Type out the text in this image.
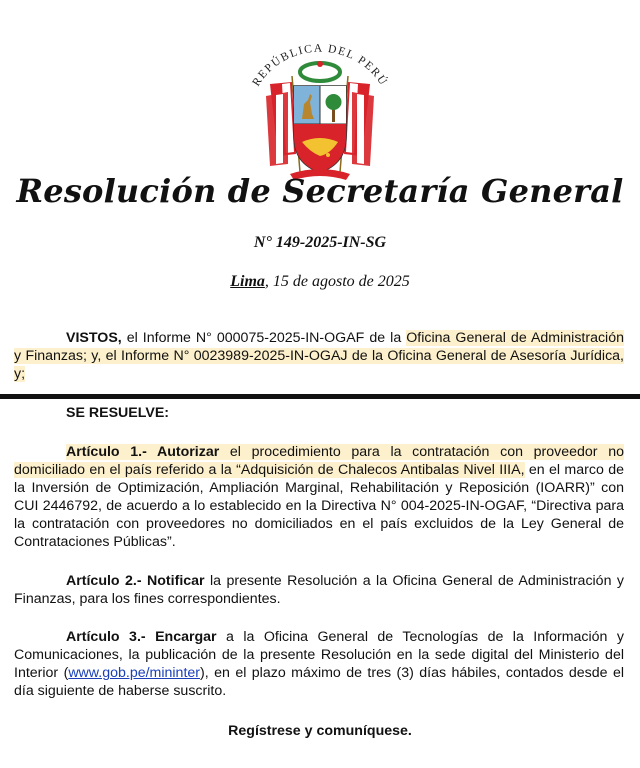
REPÚBLICA DEL PERÚ
Resolución de Secretaría General
N° 149-2025-IN-SG
Lima, 15 de agosto de 2025
VISTOS, el Informe N° 000075-2025-IN-OGAF de la Oficina General de Administración y Finanzas; y, el Informe N° 0023989-2025-IN-OGAJ de la Oficina General de Asesoría Jurídica, y;
SE RESUELVE:
Artículo 1.- Autorizar el procedimiento para la contratación con proveedor no domiciliado en el país referido a la “Adquisición de Chalecos Antibalas Nivel IIIA, en el marco de la Inversión de Optimización, Ampliación Marginal, Rehabilitación y Reposición (IOARR)” con CUI 2446792, de acuerdo a lo establecido en la Directiva N° 004-2025-IN-OGAF, “Directiva para la contratación con proveedores no domiciliados en el país excluidos de la Ley General de Contrataciones Públicas”.
Artículo 2.- Notificar la presente Resolución a la Oficina General de Administración y Finanzas, para los fines correspondientes.
Artículo 3.- Encargar a la Oficina General de Tecnologías de la Información y Comunicaciones, la publicación de la presente Resolución en la sede digital del Ministerio del Interior (www.gob.pe/mininter), en el plazo máximo de tres (3) días hábiles, contados desde el día siguiente de haberse suscrito.
Regístrese y comuníquese.
